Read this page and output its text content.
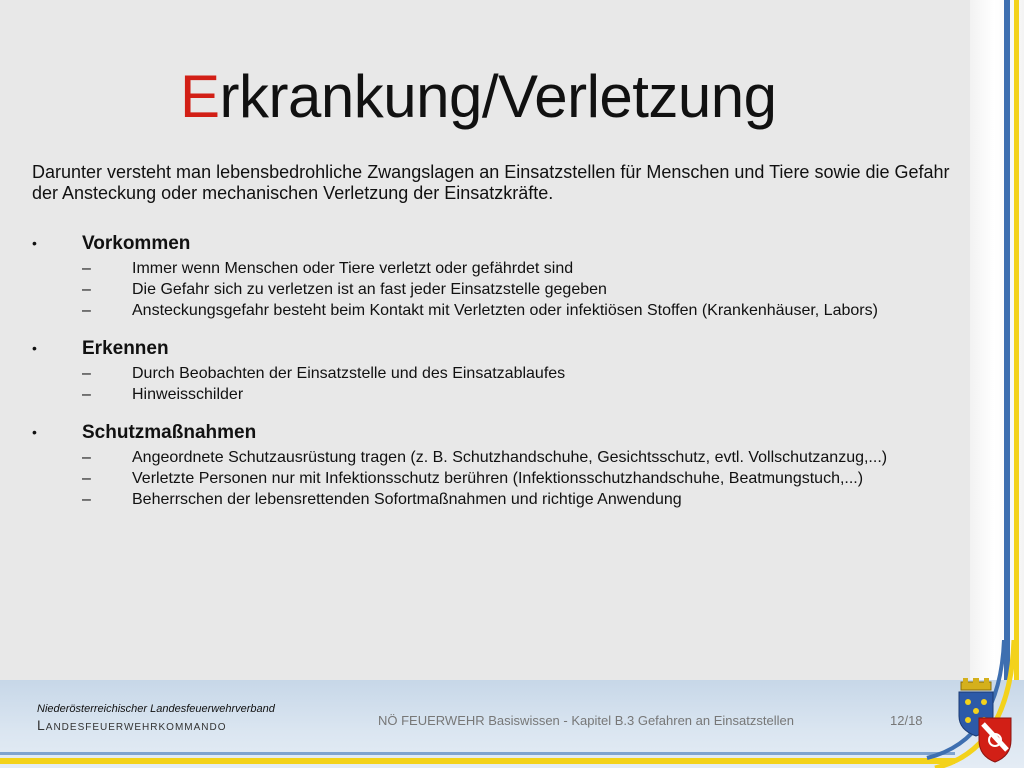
Erkrankung/Verletzung
Darunter versteht man lebensbedrohliche Zwangslagen an Einsatzstellen für Menschen und Tiere sowie die Gefahr der Ansteckung oder mechanischen Verletzung der Einsatzkräfte.
• Vorkommen
–	Immer wenn Menschen oder Tiere verletzt oder gefährdet sind
–	Die Gefahr sich zu verletzen ist an fast jeder Einsatzstelle gegeben
–	Ansteckungsgefahr besteht beim Kontakt mit Verletzten oder infektiösen Stoffen (Krankenhäuser, Labors)
• Erkennen
–	Durch Beobachten der Einsatzstelle und des Einsatzablaufes
–	Hinweisschilder
• Schutzmaßnahmen
–	Angeordnete Schutzausrüstung tragen (z. B. Schutzhandschuhe, Gesichtsschutz, evtl. Vollschutzanzug,...)
–	Verletzte Personen nur mit Infektionsschutz berühren (Infektionsschutzhandschuhe, Beatmungstuch,...)
–	Beherrschen der lebensrettenden Sofortmaßnahmen und richtige Anwendung
Niederösterreichischer Landesfeuerwehrverband
Landesfeuerwehrkommando	NÖ FEUERWEHR Basiswissen - Kapitel B.3 Gefahren an Einsatzstellen	12/18
